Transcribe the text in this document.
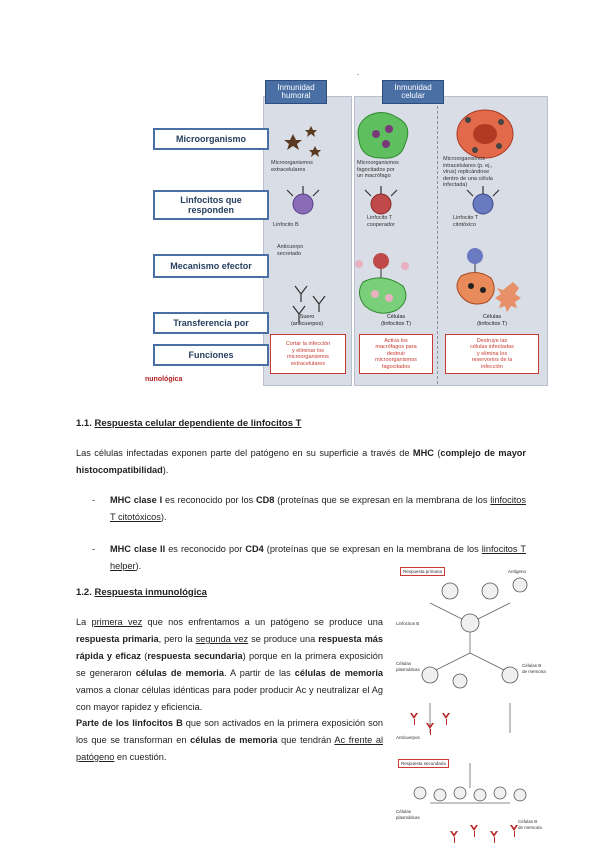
.
Inmunidad
humoral
Inmunidad
celular
Microorganismo
Linfocitos que
responden
Mecanismo efector
Transferencia por
Funciones
Microorganismos
extracelulares
Microorganismos
fagocitados por
un macrófago
Microorganismos
intracelulares (p. ej.,
virus) replicándose
dentro de una célula
infectada)
Linfocito B
Linfocito T
cooperador
Linfocito T
citotóxico
Anticuerpo
secretado
Suero
(anticuerpos)
Células
(linfocitos T)
Células
(linfocitos T)
Cortar la infección
y eliminar los
microorganismos
extracelulares
Activa los
macrófagos para
destruir
microorganismos
fagocitados
Destruye las
células infectadas
y elimina los
reservorios de la
infección
nunológica
1.1. Respuesta celular dependiente de linfocitos T
Las células infectadas exponen parte del patógeno en su superficie a través de MHC (complejo de mayor histocompatibilidad).
- MHC clase I es reconocido por los CD8 (proteínas que se expresan en la membrana de los linfocitos T citotóxicos).
- MHC clase II es reconocido por CD4 (proteínas que se expresan en la membrana de los linfocitos T helper).
1.2. Respuesta inmunológica
La primera vez que nos enfrentamos a un patógeno se produce una respuesta primaria, pero la segunda vez se produce una respuesta más rápida y eficaz (respuesta secundaria) porque en la primera exposición se generaron células de memoria. A partir de las células de memoria vamos a clonar células idénticas para poder producir Ac y neutralizar el Ag con mayor rapidez y eficiencia.
Parte de los linfocitos B que son activados en la primera exposición son los que se transforman en células de memoria que tendrán Ac frente al patógeno en cuestión.
Respuesta primaria
Respuesta secundaria
Antígeno
Linfocitos B
Células
plasmáticas
Células B
de memoria
Anticuerpos
Células
plasmáticas
Células B
de memoria
